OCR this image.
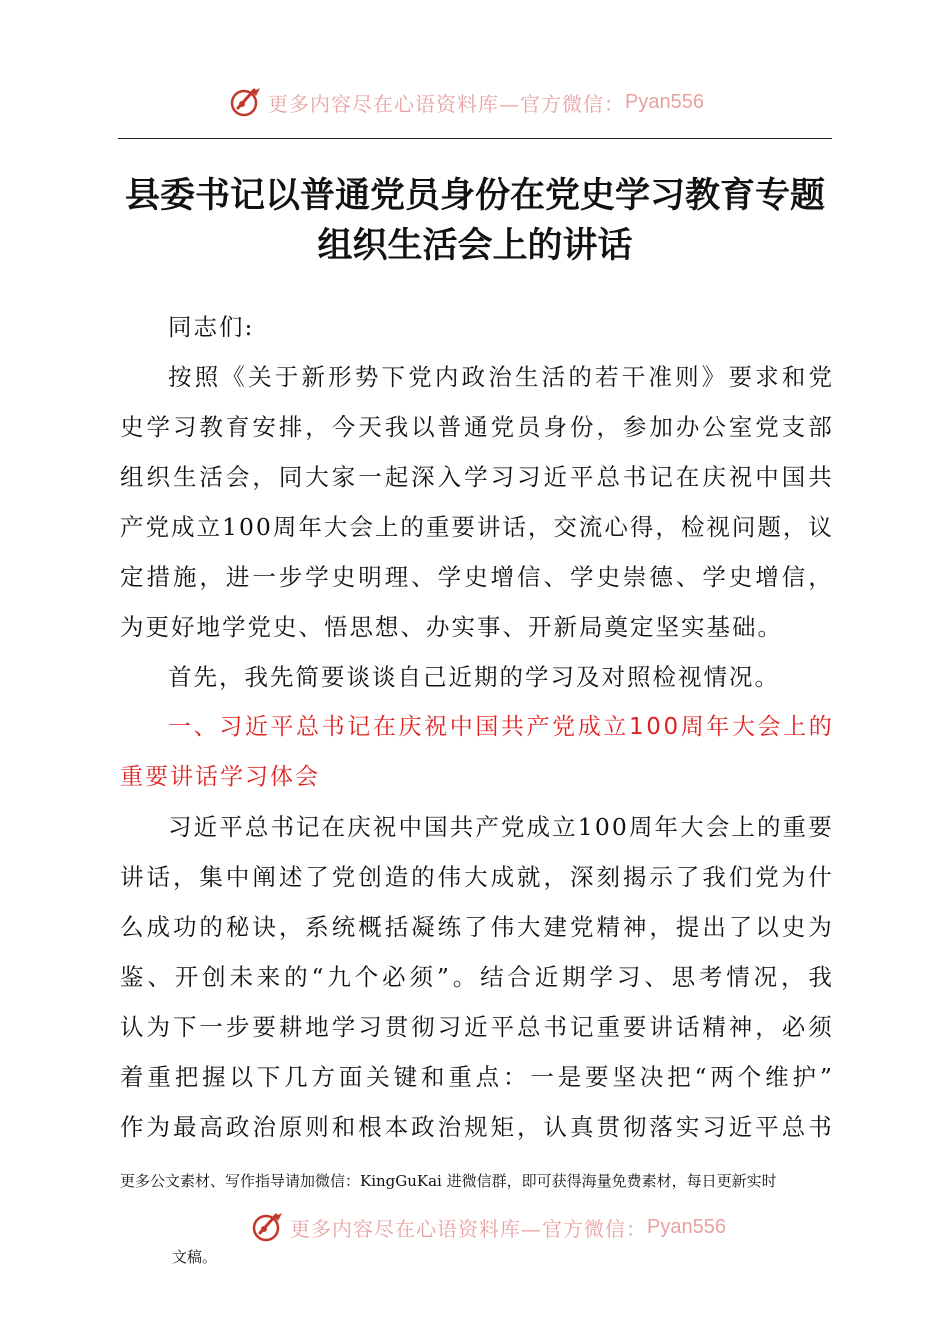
更多内容尽在心语资料库—官方微信： Pyan556
县委书记以普通党员身份在党史学习教育专题
组织生活会上的讲话
同志们:
按 照 《 关 于 新 形 势 下 党 内 政 治 生 活 的 若 干 准 则 》 要 求 和 党
史 学 习 教 育 安 排 ， 今 天 我 以 普 通 党 员 身 份 ， 参 加 办 公 室 党 支 部
组 织 生 活 会 ， 同 大 家 一 起 深 入 学 习 习 近 平 总 书 记 在 庆 祝 中 国 共
产 党 成 立 1 0 0 周 年 大 会 上 的 重 要 讲 话 ， 交 流 心 得 ， 检 视 问 题 ， 议
定 措 施 ， 进 一 步 学 史 明 理 、 学 史 增 信 、 学 史 崇 德 、 学 史 增 信 ，
为更好地学党史、悟思想、办实事、开新局奠定坚实基础。
首先，我先简要谈谈自己近期的学习及对照检视情况。
一 、 习 近 平 总 书 记 在 庆 祝 中 国 共 产 党 成 立 1 0 0 周 年 大 会 上 的
重要讲话学习体会
习 近 平 总 书 记 在 庆 祝 中 国 共 产 党 成 立 1 0 0 周 年 大 会 上 的 重 要
讲 话 ， 集 中 阐 述 了 党 创 造 的 伟 大 成 就 ， 深 刻 揭 示 了 我 们 党 为 什
么 成 功 的 秘 诀 ， 系 统 概 括 凝 练 了 伟 大 建 党 精 神 ， 提 出 了 以 史 为
鉴 、 开 创 未 来 的 “ 九 个 必 须 ” 。 结 合 近 期 学 习 、 思 考 情 况 ， 我
认 为 下 一 步 要 耕 地 学 习 贯 彻 习 近 平 总 书 记 重 要 讲 话 精 神 ， 必 须
着 重 把 握 以 下 几 方 面 关 键 和 重 点 ： 一 是 要 坚 决 把 “ 两 个 维 护 ”
作 为 最 高 政 治 原 则 和 根 本 政 治 规 矩 ， 认 真 贯 彻 落 实 习 近 平 总 书
更多公文素材、写作指导请加微信：KingGuKai 进微信群，即可获得海量免费素材，每日更新实时
更多内容尽在心语资料库—官方微信： Pyan556
文稿。
